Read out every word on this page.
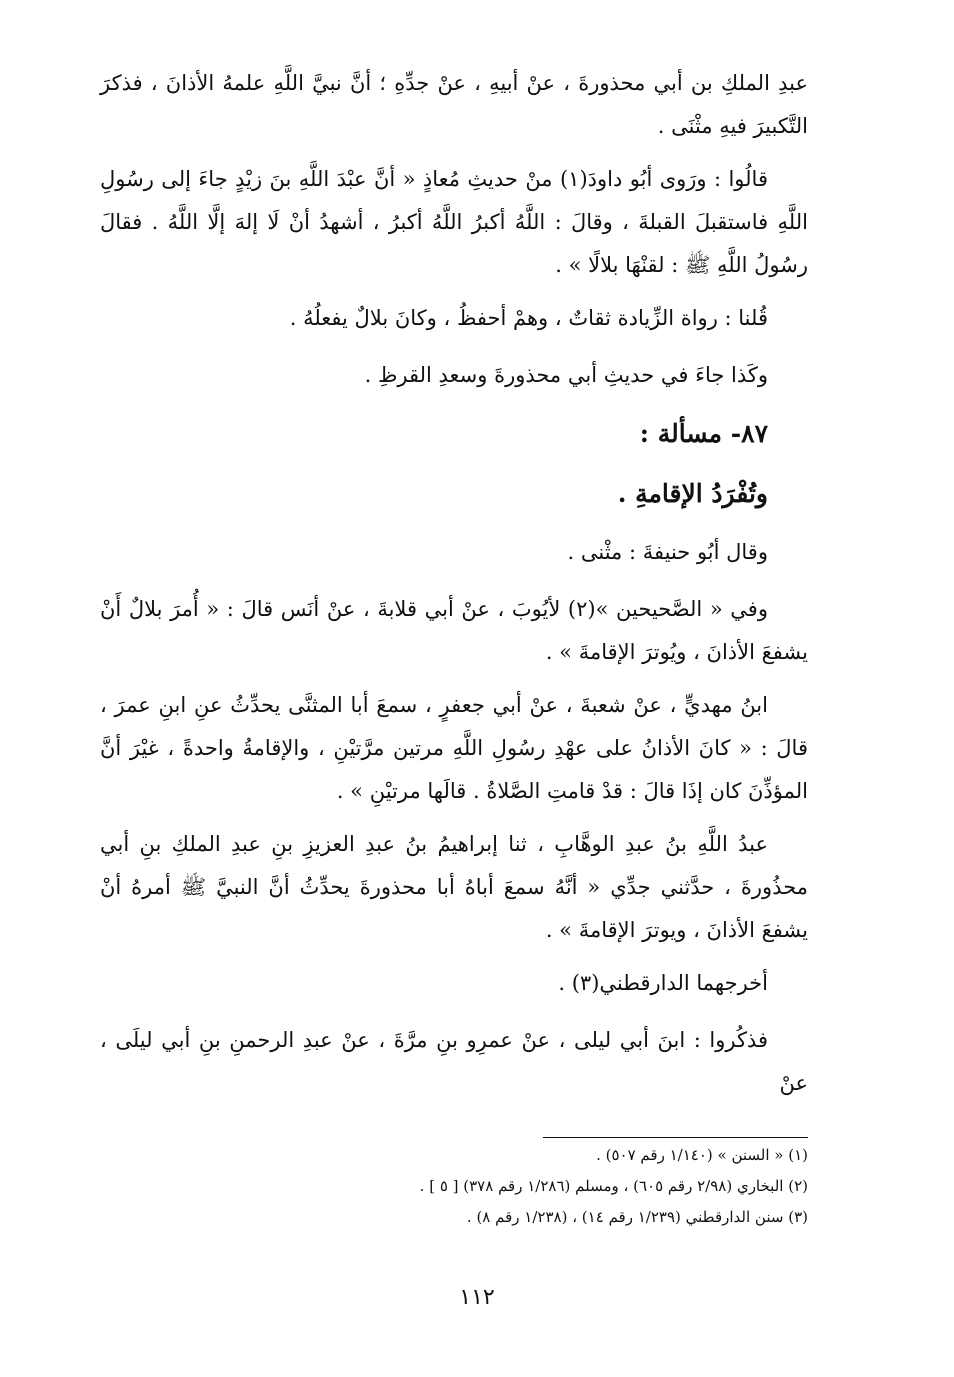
عبدِ الملكِ بن أبي محذورةَ ، عنْ أبيهِ ، عنْ جدِّهِ ؛ أنَّ نبيَّ اللَّهِ علمهُ الأذانَ ، فذكرَ التَّكبيرَ فيهِ مثْنَى .

قالُوا : ورَوى أبُو داودَ(١) منْ حديثِ مُعاذٍ « أنَّ عبْدَ اللَّهِ بنَ زيْدٍ جاءَ إلى رسُولِ اللَّهِ فاستقبلَ القبلةَ ، وقالَ : اللَّهُ أكبرُ اللَّهُ أكبرُ ، أشهدُ أنْ لَا إلهَ إلَّا اللَّهُ . فقالَ رسُولُ اللَّهِ ﷺ : لقنْهَا بلالًا » .

قُلنا : رواة الزِّيادة ثقاتٌ ، وهمْ أحفظُ ، وكانَ بلالٌ يفعلُهُ .

وكَذا جاءَ في حديثِ أبي محذورةَ وسعدِ القرظِ .

٨٧- مسألة :
وتُفْرَدُ الإقامةِ .

وقال أبُو حنيفةَ : مثْنى .

وفي « الصَّحيحين »(٢) لأيُوبَ ، عنْ أبي قلابةَ ، عنْ أنَس قالَ : « أُمرَ بلالٌ أَنْ يشفعَ الأذانَ ، ويُوترَ الإقامةَ » .

ابنُ مهديٍّ ، عنْ شعبةَ ، عنْ أبي جعفرٍ ، سمعَ أبا المثنَّى يحدِّثُ عنِ ابنِ عمرَ ، قالَ : « كانَ الأذانُ على عهْدِ رسُولِ اللَّهِ مرتين مرَّتيْنِ ، والإقامةُ واحدةً ، غيْرَ أنَّ المؤذِّنَ كان إذَا قالَ : قدْ قامتِ الصَّلاةُ . قالَها مرتيْنِ » .

عبدُ اللَّهِ بنُ عبدِ الوهَّابِ ، ثنا إبراهيمُ بنُ عبدِ العزيزِ بنِ عبدِ الملكِ بنِ أبي محذُورةَ ، حدَّثني جدِّي « أنَّهُ سمعَ أباهُ أبا محذورةَ يحدِّثُ أنَّ النبيَّ ﷺ أمرهُ أنْ يشفعَ الأذانَ ، ويوترَ الإقامةَ » .

أخرجهما الدارقطني(٣) .

فذكُروا : ابنَ أبي ليلى ، عنْ عمرِو بنِ مرَّةَ ، عنْ عبدِ الرحمنِ بنِ أبي ليلَى ، عنْ

(١) « السنن » (١/١٤٠ رقم ٥٠٧) .

(٢) البخاري (٢/٩٨ رقم ٦٠٥) ، ومسلم (١/٢٨٦ رقم ٣٧٨) [ ٥ ] .

(٣) سنن الدارقطني (١/٢٣٩ رقم ١٤) ، (١/٢٣٨ رقم ٨) .

١١٢
